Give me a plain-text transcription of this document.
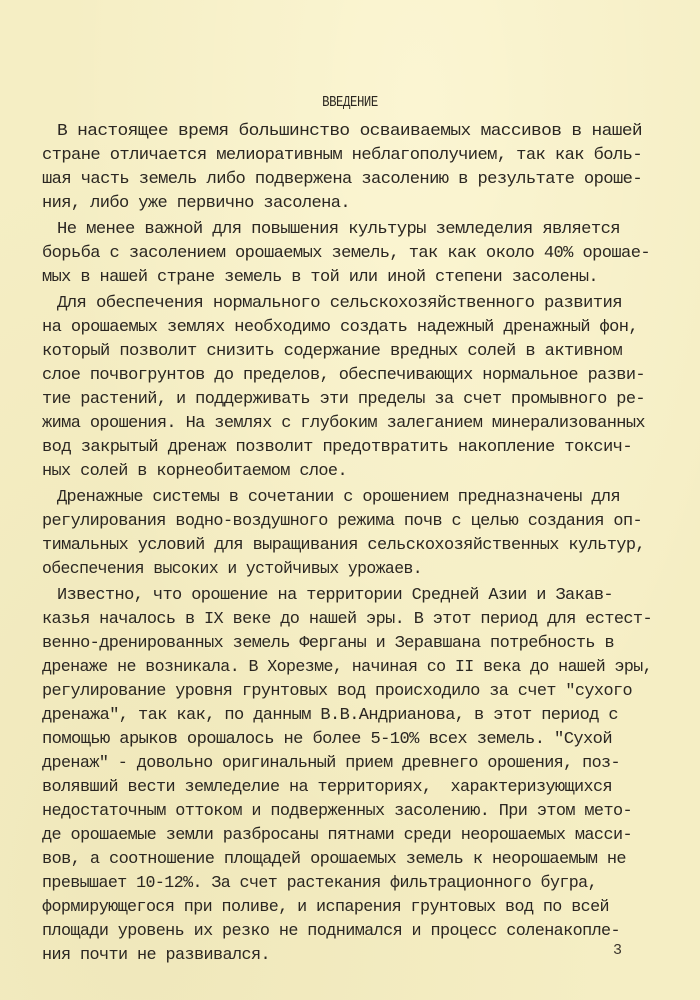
ВВЕДЕНИЕ
В настоящее время большинство осваиваемых массивов в нашей
стране отличается мелиоративным неблагополучием, так как боль-
шая часть земель либо подвержена засолению в результате ороше-
ния, либо уже первично засолена.
Не менее важной для повышения культуры земледелия является
борьба с засолением орошаемых земель, так как около 40% орошае-
мых в нашей стране земель в той или иной степени засолены.
Для обеспечения нормального сельскохозяйственного развития
на орошаемых землях необходимо создать надежный дренажный фон,
который позволит снизить содержание вредных солей в активном
слое почвогрунтов до пределов, обеспечивающих нормальное разви-
тие растений, и поддерживать эти пределы за счет промывного ре-
жима орошения. На землях с глубоким залеганием минерализованных
вод закрытый дренаж позволит предотвратить накопление токсич-
ных солей в корнеобитаемом слое.
Дренажные системы в сочетании с орошением предназначены для
регулирования водно-воздушного режима почв с целью создания оп-
тимальных условий для выращивания сельскохозяйственных культур,
обеспечения высоких и устойчивых урожаев.
Известно, что орошение на территории Средней Азии и Закав-
казья началось в IX веке до нашей эры. В этот период для естест-
венно-дренированных земель Ферганы и Зеравшана потребность в
дренаже не возникала. В Хорезме, начиная со II века до нашей эры,
регулирование уровня грунтовых вод происходило за счет "сухого
дренажа", так как, по данным В.В.Андрианова, в этот период с
помощью арыков орошалось не более 5-10% всех земель. "Сухой
дренаж" - довольно оригинальный прием древнего орошения, поз-
волявший вести земледелие на территориях,  характеризующихся
недостаточным оттоком и подверженных засолению. При этом мето-
де орошаемые земли разбросаны пятнами среди неорошаемых масси-
вов, а соотношение площадей орошаемых земель к неорошаемым не
превышает 10-12%. За счет растекания фильтрационного бугра,
формирующегося при поливе, и испарения грунтовых вод по всей
площади уровень их резко не поднимался и процесс соленакопле-
ния почти не развивался.	3
